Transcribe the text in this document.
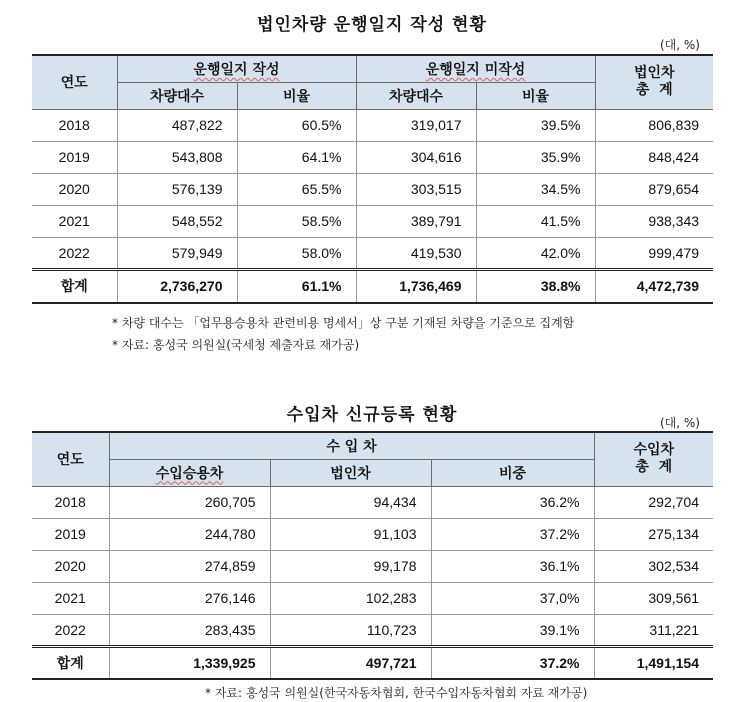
법인차량 운행일지 작성 현황
(대, %)
연도	운행일지 작성		운행일지 미작성		법인차
총  계

	차량대수	비율	차량대수	비율	
2018	487,822	60.5%	319,017	39.5%	806,839
2019	543,808	64.1%	304,616	35.9%	848,424
2020	576,139	65.5%	303,515	34.5%	879,654
2021	548,552	58.5%	389,791	41.5%	938,343
2022	579,949	58.0%	419,530	42.0%	999,479
합계	2,736,270	61.1%	1,736,469	38.8%	4,472,739
* 차량 대수는 「업무용승용차 관련비용 명세서」상 구분 기재된 차량을 기준으로 집계함
* 자료: 홍성국 의원실(국세청 제출자료 재가공)
수입차 신규등록 현황	(대, %)
연도	수 입 차			수입차
총  계

	수입승용차	법인차	비중	
2018	260,705	94,434	36.2%	292,704
2019	244,780	91,103	37.2%	275,134
2020	274,859	99,178	36.1%	302,534
2021	276,146	102,283	37,0%	309,561
2022	283,435	110,723	39.1%	311,221
합계	1,339,925	497,721	37.2%	1,491,154
* 자료: 홍성국 의원실(한국자동차협회, 한국수입자동차협회 자료 재가공)
